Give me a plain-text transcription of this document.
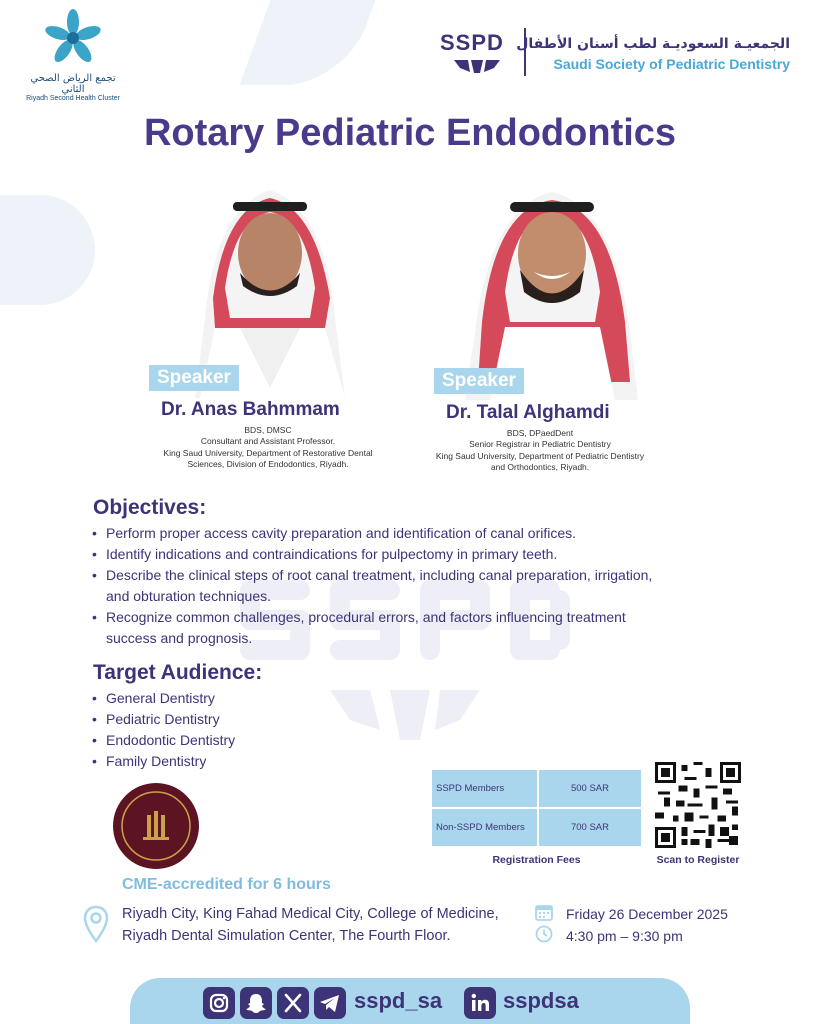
تجمع الرياض الصحي الثاني
Riyadh Second Health Cluster
SSPD الجمعيـة السعوديـة لطب أسنان الأطفال
Saudi Society of Pediatric Dentistry
Rotary Pediatric Endodontics
Speaker
Dr. Anas Bahmmam
BDS, DMSC
Consultant and Assistant Professor.
King Saud University, Department of Restorative Dental
Sciences, Division of Endodontics, Riyadh.
Speaker
Dr. Talal Alghamdi
BDS, DPaedDent
Senior Registrar in Pediatric Dentistry
King Saud University, Department of Pediatric Dentistry
and Orthodontics, Riyadh.
Objectives:
• Perform proper access cavity preparation and identification of canal orifices.
• Identify indications and contraindications for pulpectomy in primary teeth.
• Describe the clinical steps of root canal treatment, including canal preparation, irrigation, and obturation techniques.
• Recognize common challenges, procedural errors, and factors influencing treatment success and prognosis.
Target Audience:
• General Dentistry
• Pediatric Dentistry
• Endodontic Dentistry
• Family Dentistry
SSPD Members	500 SAR
Non-SSPD Members	700 SAR
Registration Fees	Scan to Register
CME-accredited for 6 hours
Riyadh City, King Fahad Medical City, College of Medicine,
Riyadh Dental Simulation Center, The Fourth Floor.
Friday 26 December 2025
4:30 pm – 9:30 pm
sspd_sa	sspdsa
